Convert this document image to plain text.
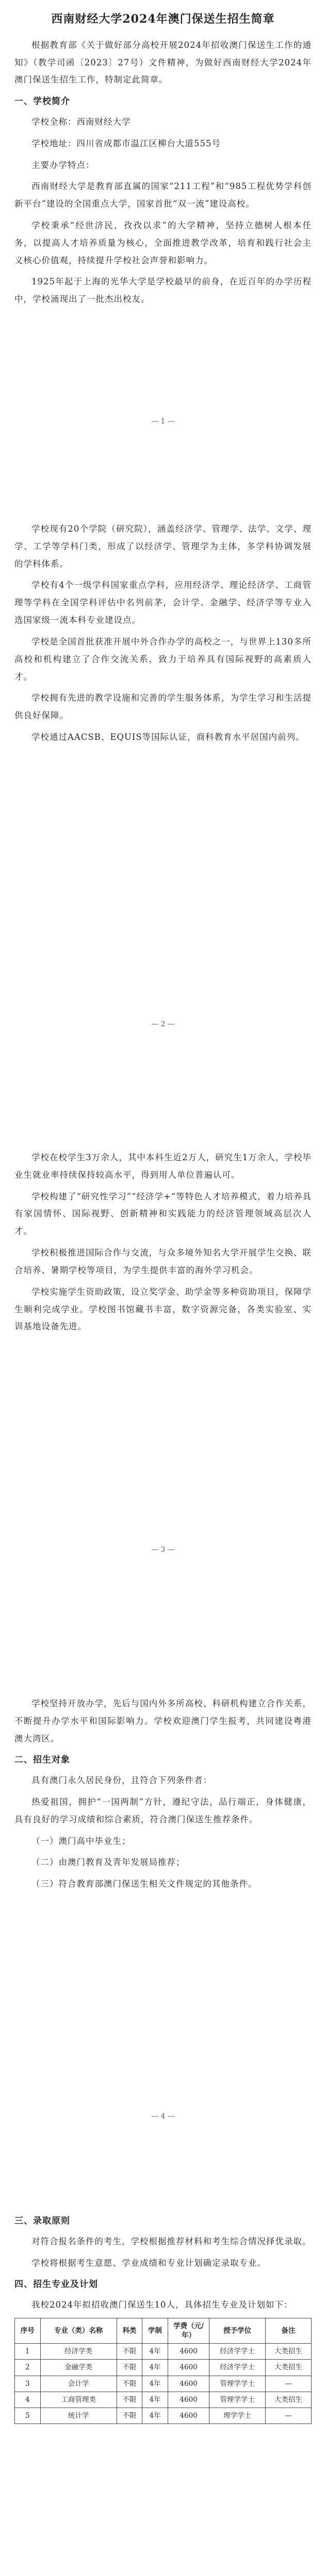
西南财经大学2024年澳门保送生招生简章

根据教育部《关于做好部分高校开展2024年招收澳门保送生工作的通知》（教学司函〔2023〕27号）文件精神，为做好西南财经大学2024年澳门保送生招生工作，特制定此简章。

一、学校简介

学校全称：西南财经大学

学校地址：四川省成都市温江区柳台大道555号

主要办学特点：

西南财经大学是教育部直属的国家“211工程”和“985工程优势学科创新平台”建设的全国重点大学，国家首批“双一流”建设高校。

学校秉承“经世济民，孜孜以求”的大学精神，坚持立德树人根本任务，以提高人才培养质量为核心，全面推进教学改革，培育和践行社会主义核心价值观，持续提升学校社会声誉和影响力。

1925年起于上海的光华大学是学校最早的前身，在近百年的办学历程中，学校涌现出了一批杰出校友。

— 1 —

学校现有20个学院（研究院），涵盖经济学、管理学、法学、文学、理学、工学等学科门类，形成了以经济学、管理学为主体，多学科协调发展的学科体系。

学校有4个一级学科国家重点学科，应用经济学、理论经济学、工商管理等学科在全国学科评估中名列前茅，会计学、金融学、经济学等专业入选国家级一流本科专业建设点。

学校是全国首批获准开展中外合作办学的高校之一，与世界上130多所高校和机构建立了合作交流关系，致力于培养具有国际视野的高素质人才。

学校拥有先进的教学设施和完善的学生服务体系，为学生学习和生活提供良好保障。

学校通过AACSB、EQUIS等国际认证，商科教育水平居国内前列。

— 2 —

学校在校学生3万余人，其中本科生近2万人，研究生1万余人，学校毕业生就业率持续保持较高水平，得到用人单位普遍认可。

学校构建了“研究性学习”“经济学+”等特色人才培养模式，着力培养具有家国情怀、国际视野、创新精神和实践能力的经济管理领域高层次人才。

学校积极推进国际合作与交流，与众多境外知名大学开展学生交换、联合培养、暑期学校等项目，为学生提供丰富的海外学习机会。

学校实施学生资助政策，设立奖学金、助学金等多种资助项目，保障学生顺利完成学业。学校图书馆藏书丰富，数字资源完备，各类实验室、实训基地设备先进。

— 3 —

学校坚持开放办学，先后与国内外多所高校、科研机构建立合作关系，不断提升办学水平和国际影响力。学校欢迎澳门学生报考，共同建设粤港澳大湾区。

二、招生对象

具有澳门永久居民身份，且符合下列条件者：

热爱祖国，拥护“一国两制”方针，遵纪守法，品行端正，身体健康，具有良好的学习成绩和综合素质，符合澳门保送生推荐条件。

（一）澳门高中毕业生；

（二）由澳门教育及青年发展局推荐；

（三）符合教育部澳门保送生相关文件规定的其他条件。

— 4 —
三、录取原则

对符合报名条件的考生，学校根据推荐材料和考生综合情况择优录取。

学校将根据考生意愿、学业成绩和专业计划确定录取专业。

四、招生专业及计划

我校2024年拟招收澳门保送生10人，具体招生专业及计划如下：

序号	专业（类）名称	科类	学制	学费（元/年）	授予学位	备注
1	经济学类	不限	4年	4600	经济学学士	大类招生
2	金融学类	不限	4年	4600	经济学学士	大类招生
3	会计学	不限	4年	4600	管理学学士	—
4	工商管理类	不限	4年	4600	管理学学士	大类招生
5	统计学	不限	4年	4600	理学学士	—
